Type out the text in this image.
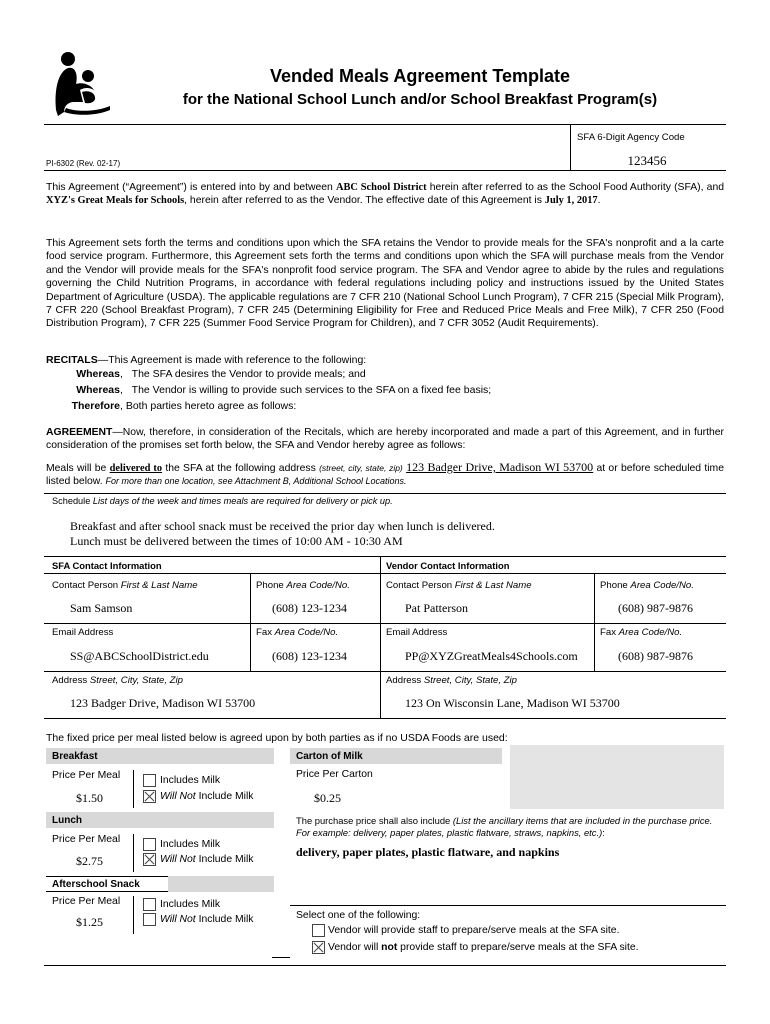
Vended Meals Agreement Template
for the National School Lunch and/or School Breakfast Program(s)
SFA 6-Digit Agency Code
123456
PI-6302 (Rev. 02-17)
This Agreement (“Agreement”) is entered into by and between ABC School District herein after referred to as the School Food Authority (SFA), and XYZ's Great Meals for Schools, herein after referred to as the Vendor. The effective date of this Agreement is July 1, 2017.
This Agreement sets forth the terms and conditions upon which the SFA retains the Vendor to provide meals for the SFA's nonprofit and a la carte food service program. Furthermore, this Agreement sets forth the terms and conditions upon which the SFA will purchase meals from the Vendor and the Vendor will provide meals for the SFA's nonprofit food service program. The SFA and Vendor agree to abide by the rules and regulations governing the Child Nutrition Programs, in accordance with federal regulations including policy and instructions issued by the United States Department of Agriculture (USDA). The applicable regulations are 7 CFR 210 (National School Lunch Program), 7 CFR 215 (Special Milk Program), 7 CFR 220 (School Breakfast Program), 7 CFR 245 (Determining Eligibility for Free and Reduced Price Meals and Free Milk), 7 CFR 250 (Food Distribution Program), 7 CFR 225 (Summer Food Service Program for Children), and 7 CFR 3052 (Audit Requirements).
RECITALS—This Agreement is made with reference to the following:
Whereas,   The SFA desires the Vendor to provide meals; and
Whereas,   The Vendor is willing to provide such services to the SFA on a fixed fee basis;
Therefore, Both parties hereto agree as follows:
AGREEMENT—Now, therefore, in consideration of the Recitals, which are hereby incorporated and made a part of this Agreement, and in further consideration of the promises set forth below, the SFA and Vendor hereby agree as follows:
Meals will be delivered to the SFA at the following address (street, city, state, zip) 123 Badger Drive, Madison WI 53700 at or before scheduled time listed below. For more than one location, see Attachment B, Additional School Locations.
Schedule List days of the week and times meals are required for delivery or pick up.
Breakfast and after school snack must be received the prior day when lunch is delivered.
Lunch must be delivered between the times of 10:00 AM - 10:30 AM
SFA Contact Information	Vendor Contact Information
Contact Person First & Last Name	Phone Area Code/No.	Contact Person First & Last Name	Phone Area Code/No.
Sam Samson	(608) 123-1234	Pat Patterson	(608) 987-9876
Email Address	Fax Area Code/No.	Email Address	Fax Area Code/No.
SS@ABCSchoolDistrict.edu	(608) 123-1234	PP@XYZGreatMeals4Schools.com	(608) 987-9876
Address Street, City, State, Zip	Address Street, City, State, Zip
123 Badger Drive, Madison WI 53700	123 On Wisconsin Lane, Madison WI 53700
The fixed price per meal listed below is agreed upon by both parties as if no USDA Foods are used:
Breakfast
Price Per Meal
$1.50
Includes Milk
Will Not Include Milk
Lunch
Price Per Meal
$2.75
Includes Milk
Will Not Include Milk
Afterschool Snack
Price Per Meal
$1.25
Includes Milk
Will Not Include Milk
Carton of Milk
Price Per Carton
$0.25
The purchase price shall also include (List the ancillary items that are included in the purchase price. For example: delivery, paper plates, plastic flatware, straws, napkins, etc.):
delivery, paper plates, plastic flatware, and napkins
Select one of the following:
Vendor will provide staff to prepare/serve meals at the SFA site.
Vendor will not provide staff to prepare/serve meals at the SFA site.
